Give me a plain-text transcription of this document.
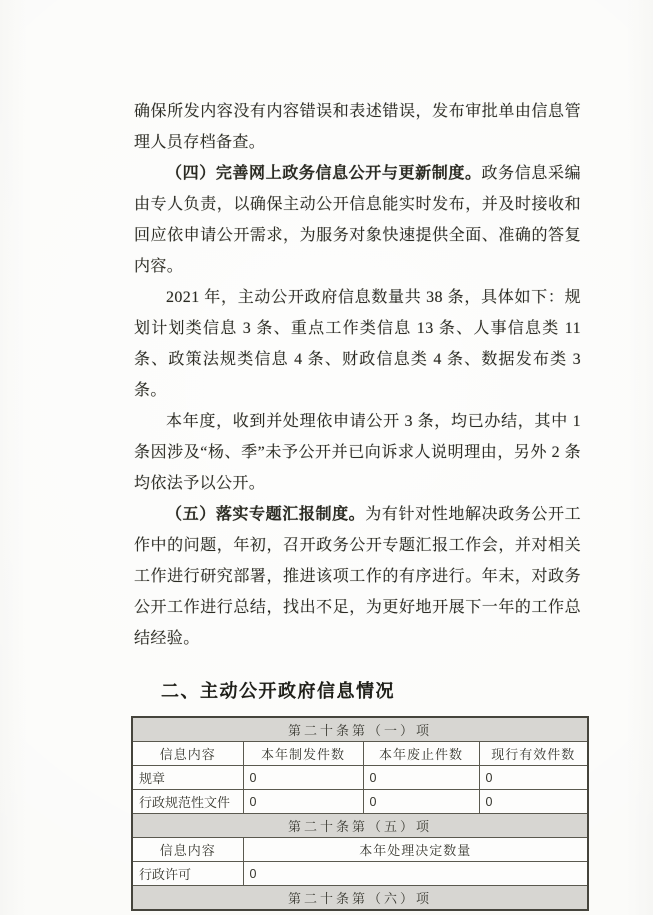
确保所发内容没有内容错误和表述错误，发布审批单由信息管理人员存档备查。

（四）完善网上政务信息公开与更新制度。政务信息采编由专人负责，以确保主动公开信息能实时发布，并及时接收和回应依申请公开需求，为服务对象快速提供全面、准确的答复内容。

2021 年，主动公开政府信息数量共 38 条，具体如下：规划计划类信息 3 条、重点工作类信息 13 条、人事信息类 11 条、政策法规类信息 4 条、财政信息类 4 条、数据发布类 3 条。

本年度，收到并处理依申请公开 3 条，均已办结，其中 1 条因涉及“杨、季”未予公开并已向诉求人说明理由，另外 2 条均依法予以公开。

（五）落实专题汇报制度。为有针对性地解决政务公开工作中的问题，年初，召开政务公开专题汇报工作会，并对相关工作进行研究部署，推进该项工作的有序进行。年末，对政务公开工作进行总结，找出不足，为更好地开展下一年的工作总结经验。

二、主动公开政府信息情况
第二十条第（一）项			
信息内容	本年制发件数	本年废止件数	现行有效件数
规章	0	0	0
行政规范性文件	0	0	0
第二十条第（五）项			
信息内容	本年处理决定数量		
行政许可	0		
第二十条第（六）项			
